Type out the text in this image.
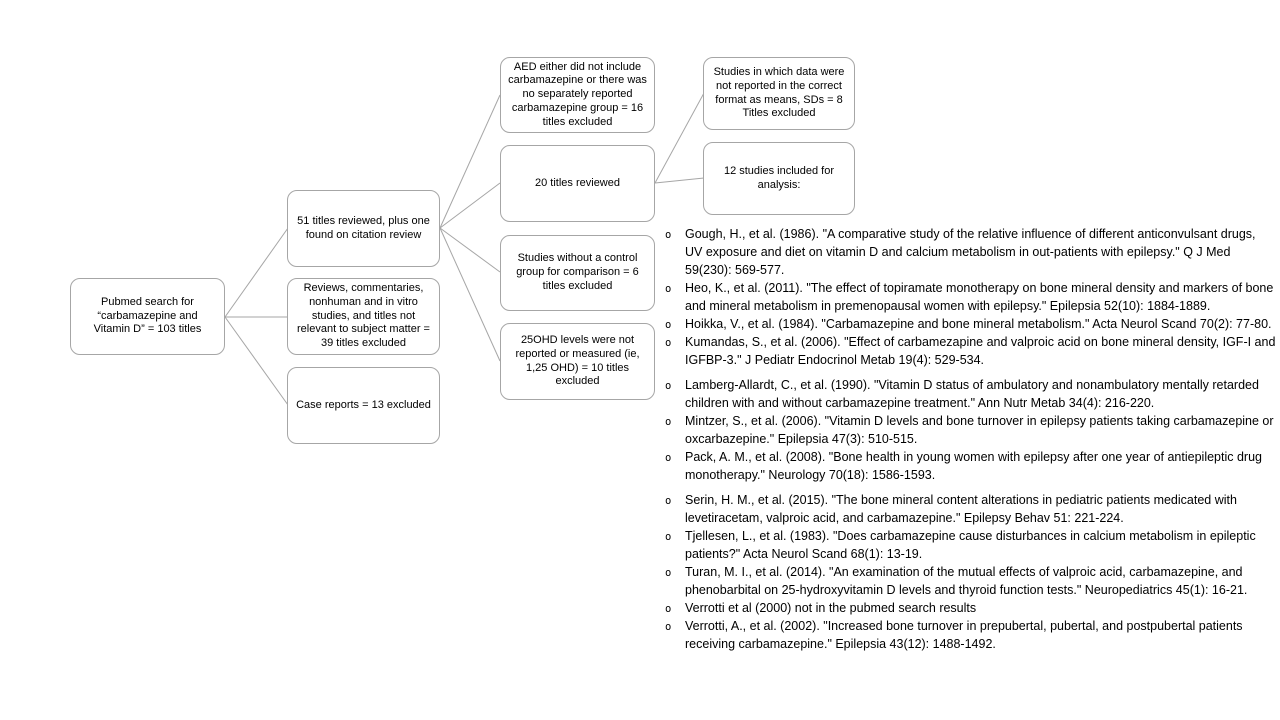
Pubmed search for “carbamazepine and Vitamin D” = 103 titles
51 titles reviewed, plus one found on citation review
Reviews, commentaries, nonhuman and in vitro studies, and titles not relevant to subject matter = 39 titles excluded
Case reports = 13 excluded
AED either did not include carbamazepine or there was no separately reported carbamazepine group = 16 titles excluded
20 titles reviewed
Studies without a control group for comparison = 6 titles excluded
25OHD levels were not reported or measured (ie, 1,25 OHD) = 10 titles excluded
Studies in which data were not reported in the correct format as means, SDs = 8 Titles excluded
12 studies included for analysis:
o Gough, H., et al. (1986). "A comparative study of the relative influence of different anticonvulsant drugs, UV exposure and diet on vitamin D and calcium metabolism in out-patients with epilepsy." Q J Med 59(230): 569-577.
o Heo, K., et al. (2011). "The effect of topiramate monotherapy on bone mineral density and markers of bone and mineral metabolism in premenopausal women with epilepsy." Epilepsia 52(10): 1884-1889.
o Hoikka, V., et al. (1984). "Carbamazepine and bone mineral metabolism." Acta Neurol Scand 70(2): 77-80.
o Kumandas, S., et al. (2006). "Effect of carbamezapine and valproic acid on bone mineral density, IGF-I and IGFBP-3." J Pediatr Endocrinol Metab 19(4): 529-534.
o Lamberg-Allardt, C., et al. (1990). "Vitamin D status of ambulatory and nonambulatory mentally retarded children with and without carbamazepine treatment." Ann Nutr Metab 34(4): 216-220.
o Mintzer, S., et al. (2006). "Vitamin D levels and bone turnover in epilepsy patients taking carbamazepine or oxcarbazepine." Epilepsia 47(3): 510-515.
o Pack, A. M., et al. (2008). "Bone health in young women with epilepsy after one year of antiepileptic drug monotherapy." Neurology 70(18): 1586-1593.
o Serin, H. M., et al. (2015). "The bone mineral content alterations in pediatric patients medicated with levetiracetam, valproic acid, and carbamazepine." Epilepsy Behav 51: 221-224.
o Tjellesen, L., et al. (1983). "Does carbamazepine cause disturbances in calcium metabolism in epileptic patients?" Acta Neurol Scand 68(1): 13-19.
o Turan, M. I., et al. (2014). "An examination of the mutual effects of valproic acid, carbamazepine, and phenobarbital on 25-hydroxyvitamin D levels and thyroid function tests." Neuropediatrics 45(1): 16-21.
o Verrotti et al (2000) not in the pubmed search results
o Verrotti, A., et al. (2002). "Increased bone turnover in prepubertal, pubertal, and postpubertal patients receiving carbamazepine." Epilepsia 43(12): 1488-1492.
